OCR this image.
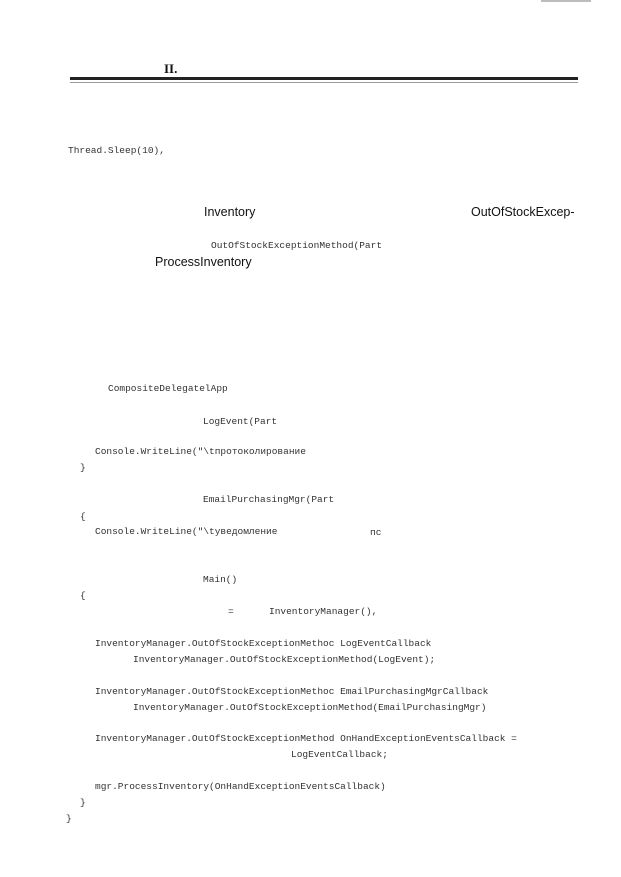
II.
Thread.Sleep(10),
Inventory	OutOfStockExcep-
OutOfStockExceptionMethod(Part
ProcessInventory
CompositeDelegatelApp
LogEvent(Part
Console.WriteLine("\tпротоколирование
}
EmailPurchasingMgr(Part
{
Console.WriteLine("\tуведомление	пс
Main()
{
=	InventoryManager(),
InventoryManager.OutOfStockExceptionMethoc LogEventCallback
InventoryManager.OutOfStockExceptionMethod(LogEvent);
InventoryManager.OutOfStockExceptionMethoc EmailPurchasingMgrCallback
InventoryManager.OutOfStockExceptionMethod(EmailPurchasingMgr)
InventoryManager.OutOfStockExceptionMethod OnHandExceptionEventsCallback =
LogEventCallback;
mgr.ProcessInventory(OnHandExceptionEventsCallback)
}
}
